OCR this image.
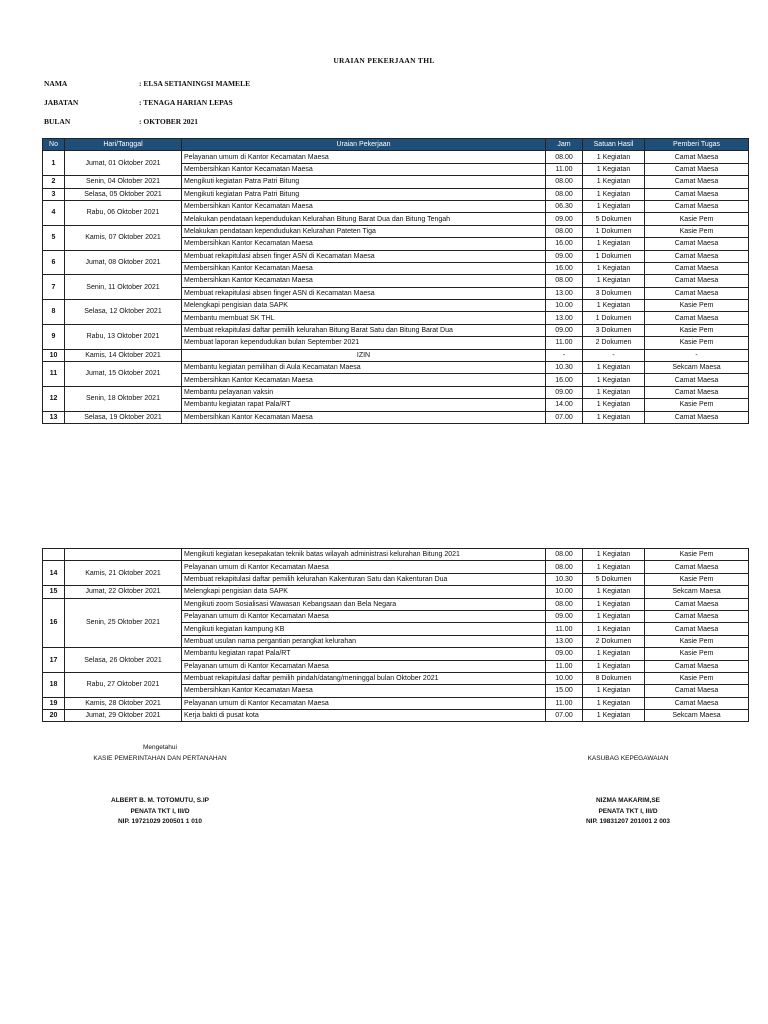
URAIAN PEKERJAAN THL
NAMA	: ELSA SETIANINGSI MAMELE
JABATAN	: TENAGA HARIAN LEPAS
BULAN	: OKTOBER 2021
No	Hari/Tanggal	Uraian Pekerjaan	Jam	Satuan Hasil	Pemberi Tugas
1	Jumat, 01 Oktober 2021	Pelayanan umum di Kantor Kecamatan Maesa	08.00	1 Kegiatan	Camat Maesa
		Membersihkan Kantor Kecamatan Maesa	11.00	1 Kegiatan	Camat Maesa
2	Senin, 04 Oktober 2021	Mengikuti kegiatan Patra Patri Bitung	08.00	1 Kegiatan	Camat Maesa
3	Selasa, 05 Oktober 2021	Mengikuti kegiatan Patra Patri Bitung	08.00	1 Kegiatan	Camat Maesa
4	Rabu, 06 Oktober 2021	Membersihkan Kantor Kecamatan Maesa	06.30	1 Kegiatan	Camat Maesa
		Melakukan pendataan kependudukan Kelurahan Bitung Barat Dua dan Bitung Tengah	09.00	5 Dokumen	Kasie Pem
5	Kamis, 07 Oktober 2021	Melakukan pendataan kependudukan Kelurahan Pateten Tiga	08.00	1 Dokumen	Kasie Pem
		Membersihkan Kantor Kecamatan Maesa	16.00	1 Kegiatan	Camat Maesa
6	Jumat, 08 Oktober 2021	Membuat rekapitulasi absen finger ASN di Kecamatan Maesa	09.00	1 Dokumen	Camat Maesa
		Membersihkan Kantor Kecamatan Maesa	16.00	1 Kegiatan	Camat Maesa
7	Senin, 11 Oktober 2021	Membersihkan Kantor Kecamatan Maesa	08.00	1 Kegiatan	Camat Maesa
		Membuat rekapitulasi absen finger ASN di Kecamatan Maesa	13.00	3 Dokumen	Camat Maesa
8	Selasa, 12 Oktober 2021	Melengkapi pengisian data SAPK	10.00	1 Kegiatan	Kasie Pem
		Membantu membuat SK THL	13.00	1 Dokumen	Camat Maesa
9	Rabu, 13 Oktober 2021	Membuat rekapitulasi daftar pemilih kelurahan Bitung Barat Satu dan Bitung Barat Dua	09.00	3 Dokumen	Kasie Pem
		Membuat laporan kependudukan bulan September 2021	11.00	2 Dokumen	Kasie Pem
10	Kamis, 14 Oktober 2021	IZIN	-	-	-
11	Jumat, 15 Oktober 2021	Membantu kegiatan pemilihan di Aula Kecamatan Maesa	10.30	1 Kegiatan	Sekcam Maesa
		Membersihkan Kantor Kecamatan Maesa	16.00	1 Kegiatan	Camat Maesa
12	Senin, 18 Oktober 2021	Membantu pelayanan vaksin	09.00	1 Kegiatan	Camat Maesa
		Membantu kegiatan rapat Pala/RT	14.00	1 Kegiatan	Kasie Pem
13	Selasa, 19 Oktober 2021	Membersihkan Kantor Kecamatan Maesa	07.00	1 Kegiatan	Camat Maesa
		Mengikuti kegiatan kesepakatan teknik batas wilayah administrasi kelurahan Bitung 2021	08.00	1 Kegiatan	Kasie Pem
14	Kamis, 21 Oktober 2021	Pelayanan umum di Kantor Kecamatan Maesa	08.00	1 Kegiatan	Camat Maesa
		Membuat rekapitulasi daftar pemilih kelurahan Kakenturan Satu dan Kakenturan Dua	10.30	5 Dokumen	Kasie Pem
15	Jumat, 22 Oktober 2021	Melengkapi pengisian data SAPK	10.00	1 Kegiatan	Sekcam Maesa
16	Senin, 25 Oktober 2021	Mengikuti zoom Sosialisasi Wawasan Kebangsaan dan Bela Negara	08.00	1 Kegiatan	Camat Maesa
		Pelayanan umum di Kantor Kecamatan Maesa	09.00	1 Kegiatan	Camat Maesa
		Mengikuti kegiatan kampung KB	11.00	1 Kegiatan	Camat Maesa
		Membuat usulan nama pergantian perangkat kelurahan	13.00	2 Dokumen	Kasie Pem
17	Selasa, 26 Oktober 2021	Membantu kegiatan rapat Pala/RT	09.00	1 Kegiatan	Kasie Pem
		Pelayanan umum di Kantor Kecamatan Maesa	11.00	1 Kegiatan	Camat Maesa
18	Rabu, 27 Oktober 2021	Membuat rekapitulasi daftar pemilih pindah/datang/meninggal bulan Oktober 2021	10.00	8 Dokumen	Kasie Pem
		Membersihkan Kantor Kecamatan Maesa	15.00	1 Kegiatan	Camat Maesa
19	Kamis, 28 Oktober 2021	Pelayanan umum di Kantor Kecamatan Maesa	11.00	1 Kegiatan	Camat Maesa
20	Jumat, 29 Oktober 2021	Kerja bakti di pusat kota	07.00	1 Kegiatan	Sekcam Maesa
Mengetahui
KASIE PEMERINTAHAN DAN PERTANAHAN
ALBERT B. M. TOTOMUTU, S.IP
PENATA TKT I, III/D
NIP. 19721029 200501 1 010
KASUBAG KEPEGAWAIAN
NIZMA MAKARIM,SE
PENATA TKT I, III/D
NIP. 19831207 201001 2 003
